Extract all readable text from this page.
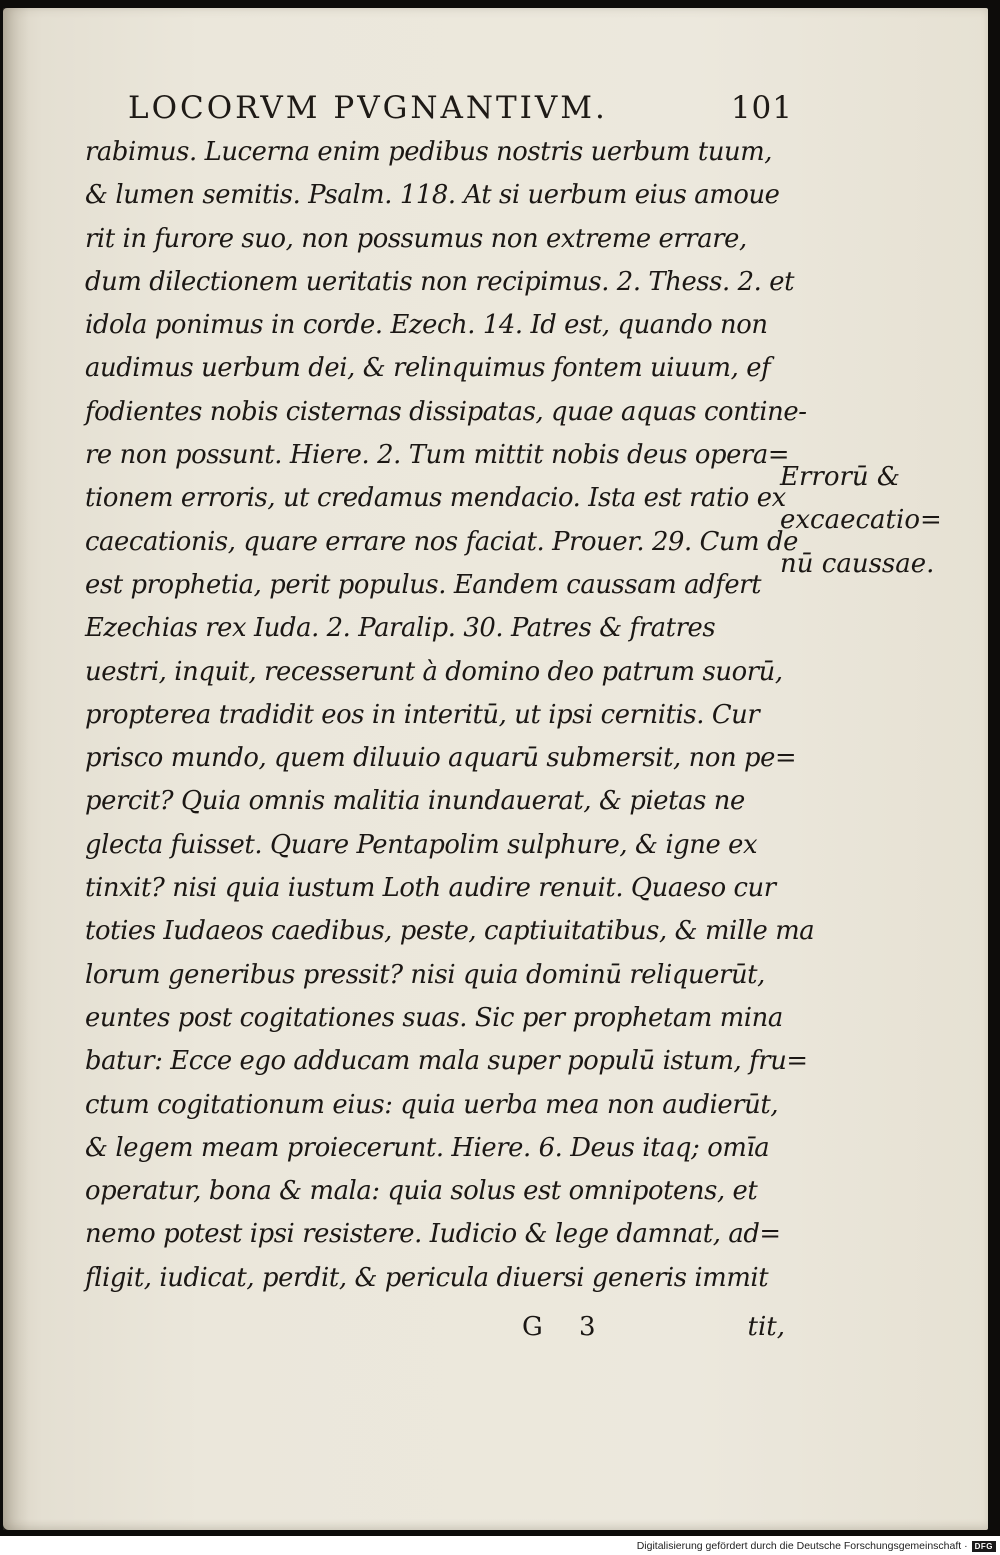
LOCORVM PVGNANTIVM.	101
rabimus. Lucerna enim pedibus nostris uerbum tuum,
& lumen semitis. Psalm. 118. At si uerbum eius amoue
rit in furore suo, non possumus non extreme errare,
dum dilectionem ueritatis non recipimus. 2. Thess. 2. et
idola ponimus in corde. Ezech. 14. Id est, quando non
audimus uerbum dei, & relinquimus fontem uiuum, ef
fodientes nobis cisternas dissipatas, quae aquas contine-
re non possunt. Hiere. 2. Tum mittit nobis deus opera=
tionem erroris, ut credamus mendacio. Ista est ratio ex
caecationis, quare errare nos faciat. Prouer. 29. Cum de
est prophetia, perit populus. Eandem caussam adfert
Ezechias rex Iuda. 2. Paralip. 30. Patres & fratres
uestri, inquit, recesserunt à domino deo patrum suorū,
propterea tradidit eos in interitū, ut ipsi cernitis. Cur
prisco mundo, quem diluuio aquarū submersit, non pe=
percit? Quia omnis malitia inundauerat, & pietas ne
glecta fuisset. Quare Pentapolim sulphure, & igne ex
tinxit? nisi quia iustum Loth audire renuit. Quaeso cur
toties Iudaeos caedibus, peste, captiuitatibus, & mille ma
lorum generibus pressit? nisi quia dominū reliquerūt,
euntes post cogitationes suas. Sic per prophetam mina
batur: Ecce ego adducam mala super populū istum, fru=
ctum cogitationum eius: quia uerba mea non audierūt,
& legem meam proiecerunt. Hiere. 6. Deus itaq; omīa
operatur, bona & mala: quia solus est omnipotens, et
nemo potest ipsi resistere. Iudicio & lege damnat, ad=
fligit, iudicat, perdit, & pericula diuersi generis immit
Errorū &
excaecatio=
nū caussae.
G 3	tit,
Digitalisierung gefördert durch die Deutsche Forschungsgemeinschaft · DFG
